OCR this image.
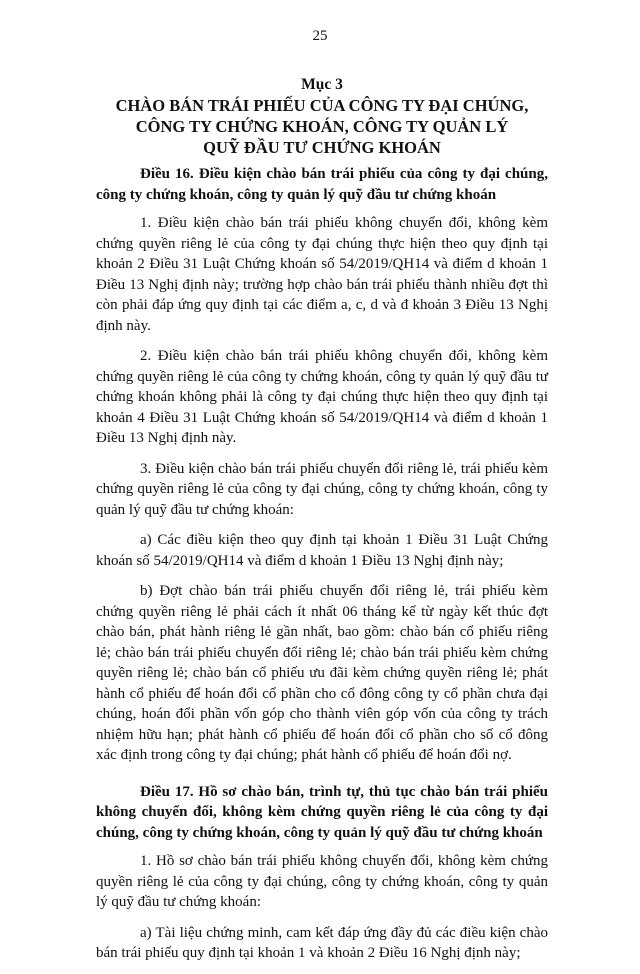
25
Mục 3
CHÀO BÁN TRÁI PHIẾU CỦA CÔNG TY ĐẠI CHÚNG,
CÔNG TY CHỨNG KHOÁN, CÔNG TY QUẢN LÝ
QUỸ ĐẦU TƯ CHỨNG KHOÁN

Điều 16. Điều kiện chào bán trái phiếu của công ty đại chúng, công ty chứng khoán, công ty quản lý quỹ đầu tư chứng khoán

1. Điều kiện chào bán trái phiếu không chuyển đổi, không kèm chứng quyền riêng lẻ của công ty đại chúng thực hiện theo quy định tại khoản 2 Điều 31 Luật Chứng khoán số 54/2019/QH14 và điểm d khoản 1 Điều 13 Nghị định này; trường hợp chào bán trái phiếu thành nhiều đợt thì còn phải đáp ứng quy định tại các điểm a, c, d và đ khoản 3 Điều 13 Nghị định này.

2. Điều kiện chào bán trái phiếu không chuyển đổi, không kèm chứng quyền riêng lẻ của công ty chứng khoán, công ty quản lý quỹ đầu tư chứng khoán không phải là công ty đại chúng thực hiện theo quy định tại khoản 4 Điều 31 Luật Chứng khoán số 54/2019/QH14 và điểm d khoản 1 Điều 13 Nghị định này.

3. Điều kiện chào bán trái phiếu chuyển đổi riêng lẻ, trái phiếu kèm chứng quyền riêng lẻ của công ty đại chúng, công ty chứng khoán, công ty quản lý quỹ đầu tư chứng khoán:

a) Các điều kiện theo quy định tại khoản 1 Điều 31 Luật Chứng khoán số 54/2019/QH14 và điểm d khoản 1 Điều 13 Nghị định này;

b) Đợt chào bán trái phiếu chuyển đổi riêng lẻ, trái phiếu kèm chứng quyền riêng lẻ phải cách ít nhất 06 tháng kể từ ngày kết thúc đợt chào bán, phát hành riêng lẻ gần nhất, bao gồm: chào bán cổ phiếu riêng lẻ; chào bán trái phiếu chuyển đổi riêng lẻ; chào bán trái phiếu kèm chứng quyền riêng lẻ; chào bán cổ phiếu ưu đãi kèm chứng quyền riêng lẻ; phát hành cổ phiếu để hoán đổi cổ phần cho cổ đông công ty cổ phần chưa đại chúng, hoán đổi phần vốn góp cho thành viên góp vốn của công ty trách nhiệm hữu hạn; phát hành cổ phiếu để hoán đổi cổ phần cho số cổ đông xác định trong công ty đại chúng; phát hành cổ phiếu để hoán đổi nợ.

Điều 17. Hồ sơ chào bán, trình tự, thủ tục chào bán trái phiếu không chuyển đổi, không kèm chứng quyền riêng lẻ của công ty đại chúng, công ty chứng khoán, công ty quản lý quỹ đầu tư chứng khoán

1. Hồ sơ chào bán trái phiếu không chuyển đổi, không kèm chứng quyền riêng lẻ của công ty đại chúng, công ty chứng khoán, công ty quản lý quỹ đầu tư chứng khoán:

a) Tài liệu chứng minh, cam kết đáp ứng đầy đủ các điều kiện chào bán trái phiếu quy định tại khoản 1 và khoản 2 Điều 16 Nghị định này;
